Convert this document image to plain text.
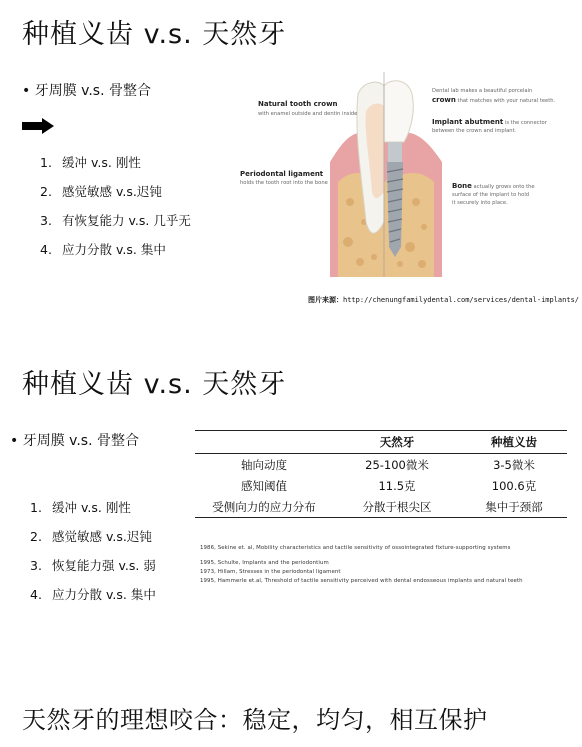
种植义齿 v.s. 天然牙
• 牙周膜 v.s. 骨整合
1. 缓冲 v.s. 刚性
2. 感觉敏感 v.s.迟钝
3. 有恢复能力 v.s. 几乎无
4. 应力分散 v.s. 集中
Natural tooth crown
with enamel outside and dentin inside
Periodontal ligament
holds the tooth root into the bone
Dental lab makes a beautiful porcelain
crown that matches with your natural teeth.
Implant abutment is the connector
between the crown and implant.
Bone actually grows onto the
surface of the implant to hold
it securely into place.
图片来源：http://chenungfamilydental.com/services/dental-implants/
种植义齿 v.s. 天然牙
• 牙周膜 v.s. 骨整合
1. 缓冲 v.s. 刚性
2. 感觉敏感 v.s.迟钝
3. 恢复能力强 v.s. 弱
4. 应力分散 v.s. 集中
	天然牙	种植义齿
轴向动度	25-100微米	3-5微米
感知阈值	11.5克	100.6克
受侧向力的应力分布	分散于根尖区	集中于颈部
1986, Sekine et. al, Mobility characteristics and tactile sensitivity of ossointegrated fixture-supporting systems
1995, Schulte, Implants and the periodontium
1973, Hillam, Stresses in the periodontal ligament
1995, Hammerle et.al, Threshold of tactile sensitivity perceived with dental endosseous implants and natural teeth
天然牙的理想咬合：稳定，均匀，相互保护
